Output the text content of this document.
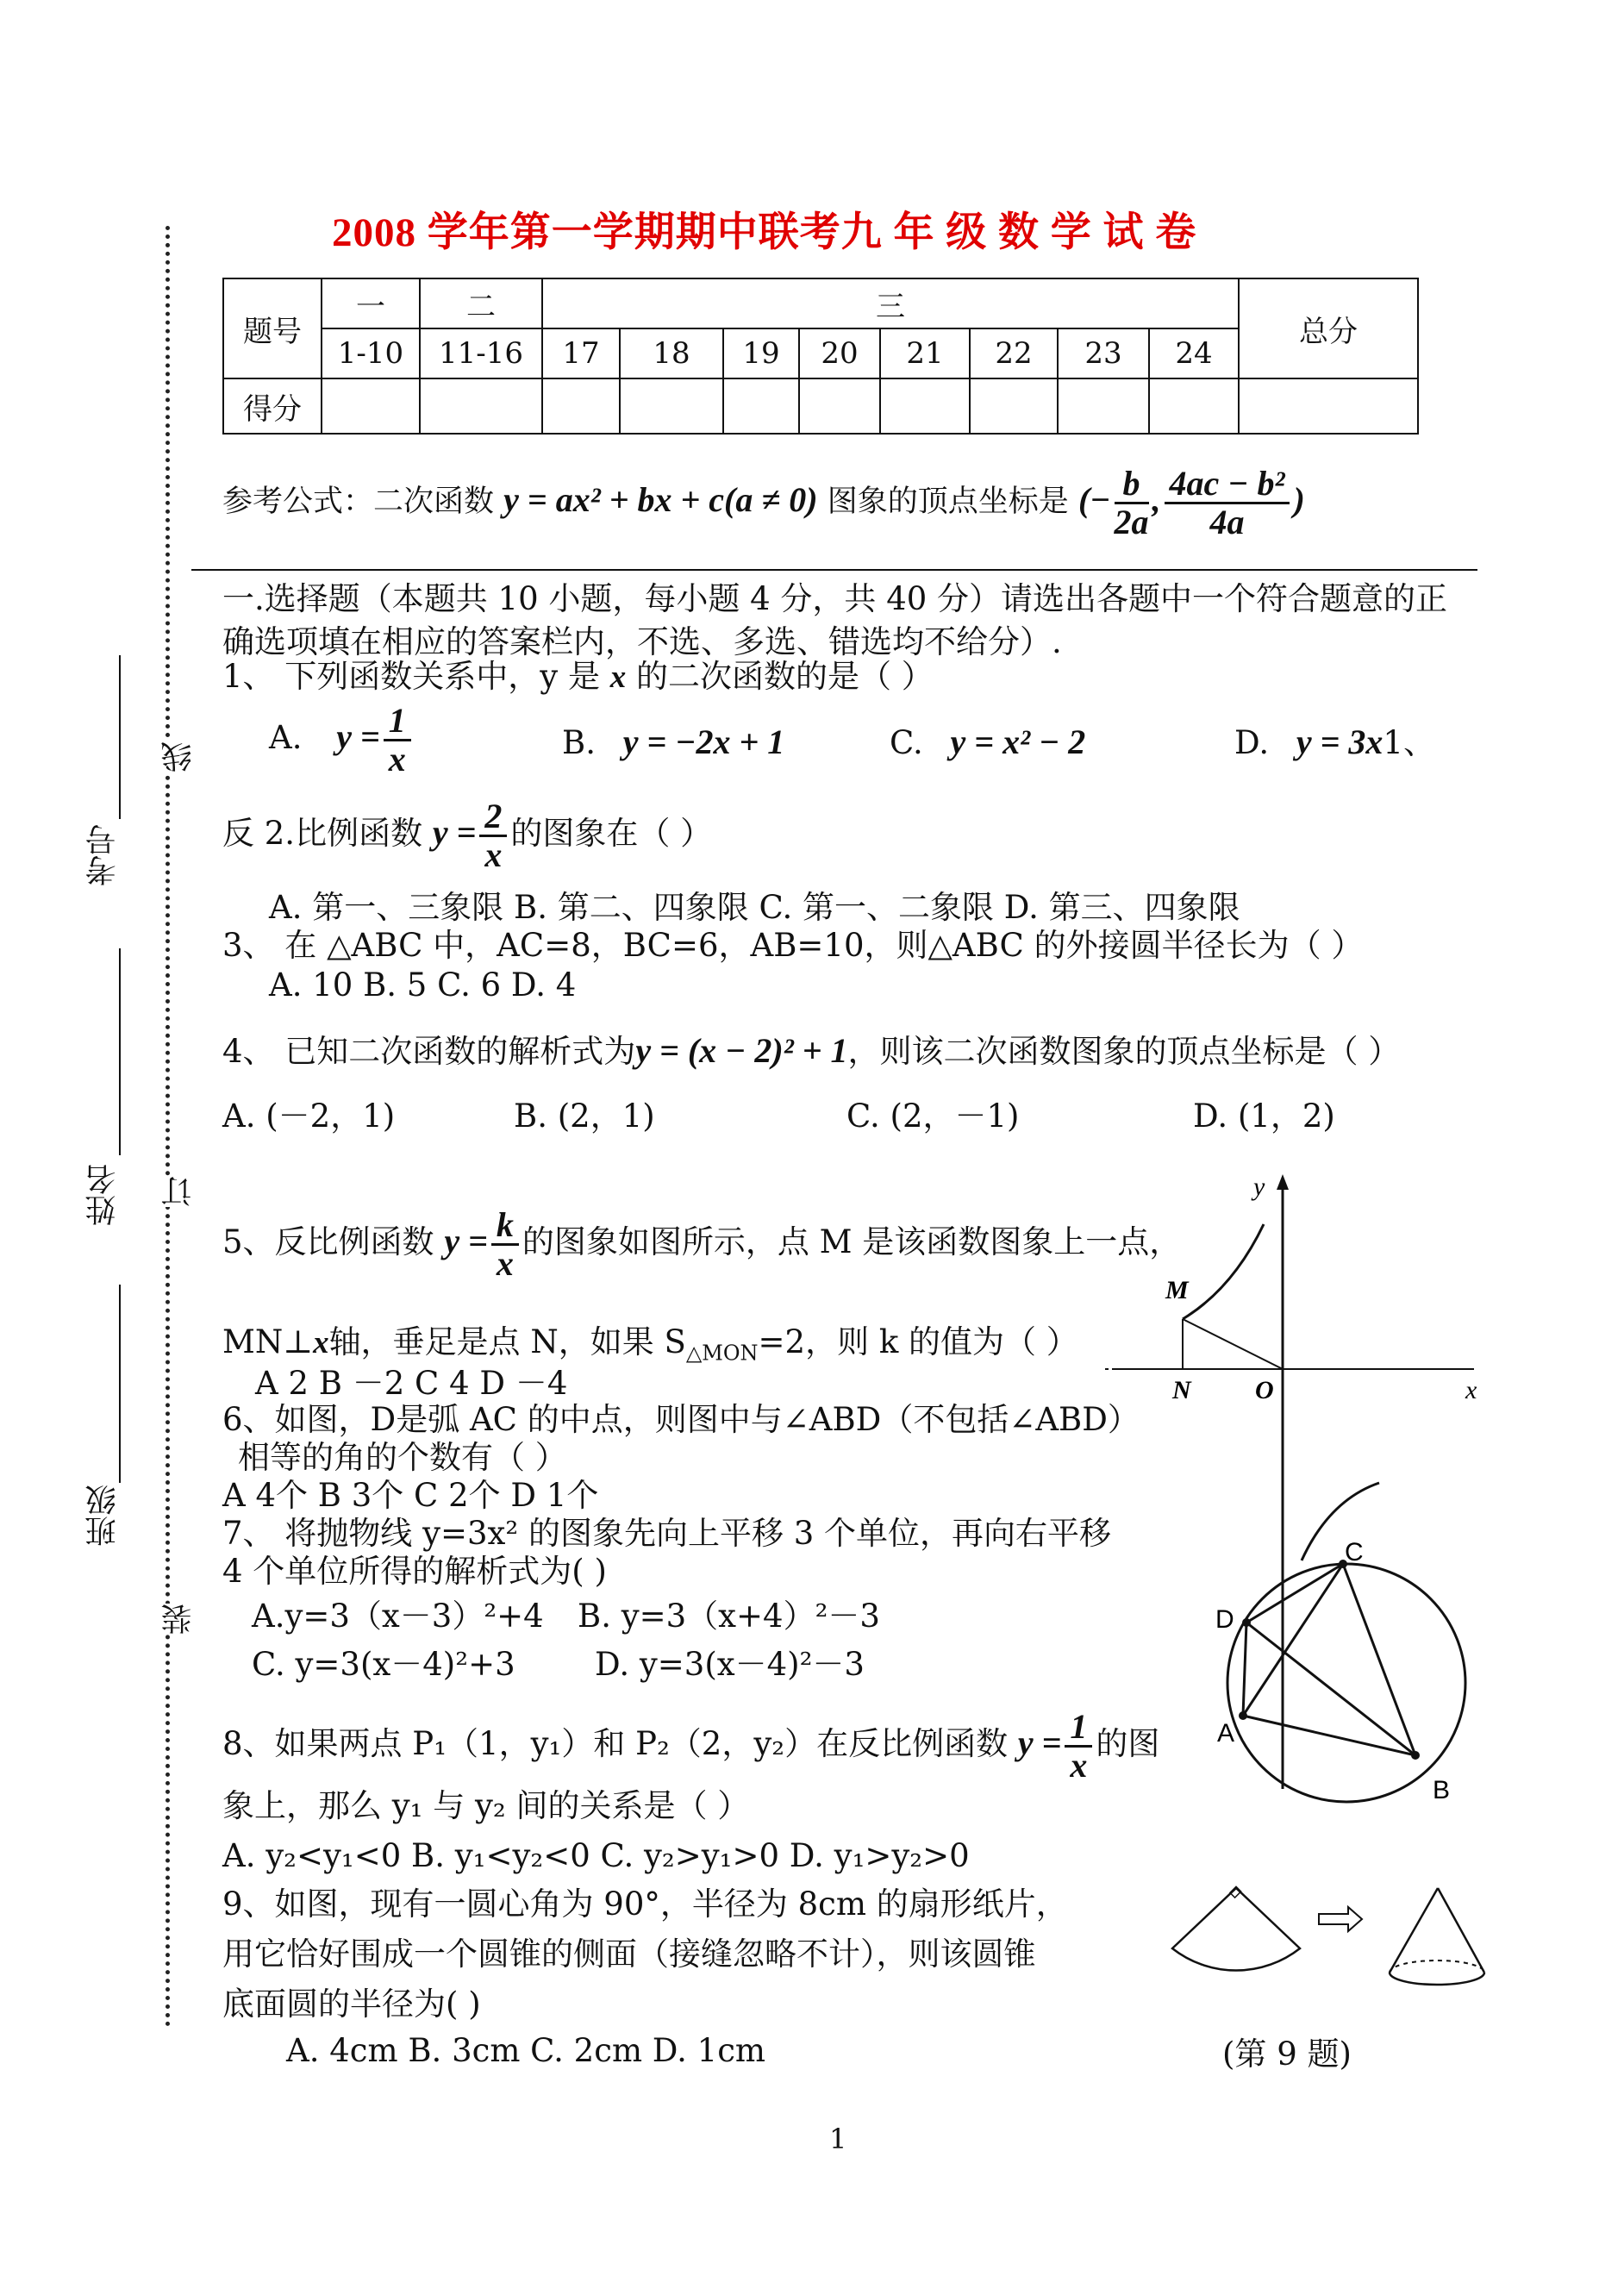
2008 学年第一学期期中联考九 年 级 数 学 试 卷
题号	一	二	三								总分
	1-10	11-16	17	18	19	20	21	22	23	24	
得分											
参考公式：二次函数 y = ax² + bx + c(a ≠ 0) 图象的顶点坐标是 (− $\frac{b}{2a}$ , $\frac{\text{4ac − b²}}{4a}$ )
线
订
装
考号
姓名
班级
一.选择题（本题共 10 小题，每小题 4 分，共 40 分）请选出各题中一个符合题意的正
确选项填在相应的答案栏内，不选、多选、错选均不给分）.
1、 下列函数关系中，y 是 x 的二次函数的是（ ）
A. $y = \frac{1}{x}$	B. y = −2x + 1	C. y = x² − 2	D. y = 3x1、
反 2.比例函数 $y = \frac{2}{x}$ 的图象在（ ）
A. 第一、三象限 B. 第二、四象限 C. 第一、二象限 D. 第三、四象限
3、 在 △ABC 中，AC=8，BC=6，AB=10，则△ABC 的外接圆半径长为（ ）
A. 10 B. 5 C. 6 D. 4
4、 已知二次函数的解析式为y = (x − 2)² + 1，则该二次函数图象的顶点坐标是（ ）
A. (－2，1)	B. (2，1)	C. (2，－1)	D. (1，2)
5、反比例函数 $y = \frac{k}{x}$ 的图象如图所示，点 M 是该函数图象上一点，
MN⊥x轴，垂足是点 N，如果 $S_{\triangle MON}=2$，则 k 的值为（ ）
A 2 B －2 C 4 D －4
y
x
M
N O
6、如图，D是弧 AC 的中点，则图中与∠ABD（不包括∠ABD）
相等的角的个数有（ ）
A 4个 B 3个 C 2个 D 1个
C
D
A
B
7、 将抛物线 y=3x² 的图象先向上平移 3 个单位，再向右平移
4 个单位所得的解析式为( )
A.y=3（x－3）²+4 B. y=3（x+4）²－3
C. y=3(x－4)²+3 D. y=3(x－4)²－3
8、如果两点 P₁（1，y₁）和 P₂（2，y₂）在反比例函数 $y = \frac{1}{x}$ 的图
象上，那么 y₁ 与 y₂ 间的关系是（ ）
A. y₂<y₁<0 B. y₁<y₂<0 C. y₂>y₁>0 D. y₁>y₂>0
9、如图，现有一圆心角为 90°，半径为 8cm 的扇形纸片，
用它恰好围成一个圆锥的侧面（接缝忽略不计），则该圆锥
底面圆的半径为( )
A. 4cm B. 3cm C. 2cm D. 1cm	(第 9 题)
1
